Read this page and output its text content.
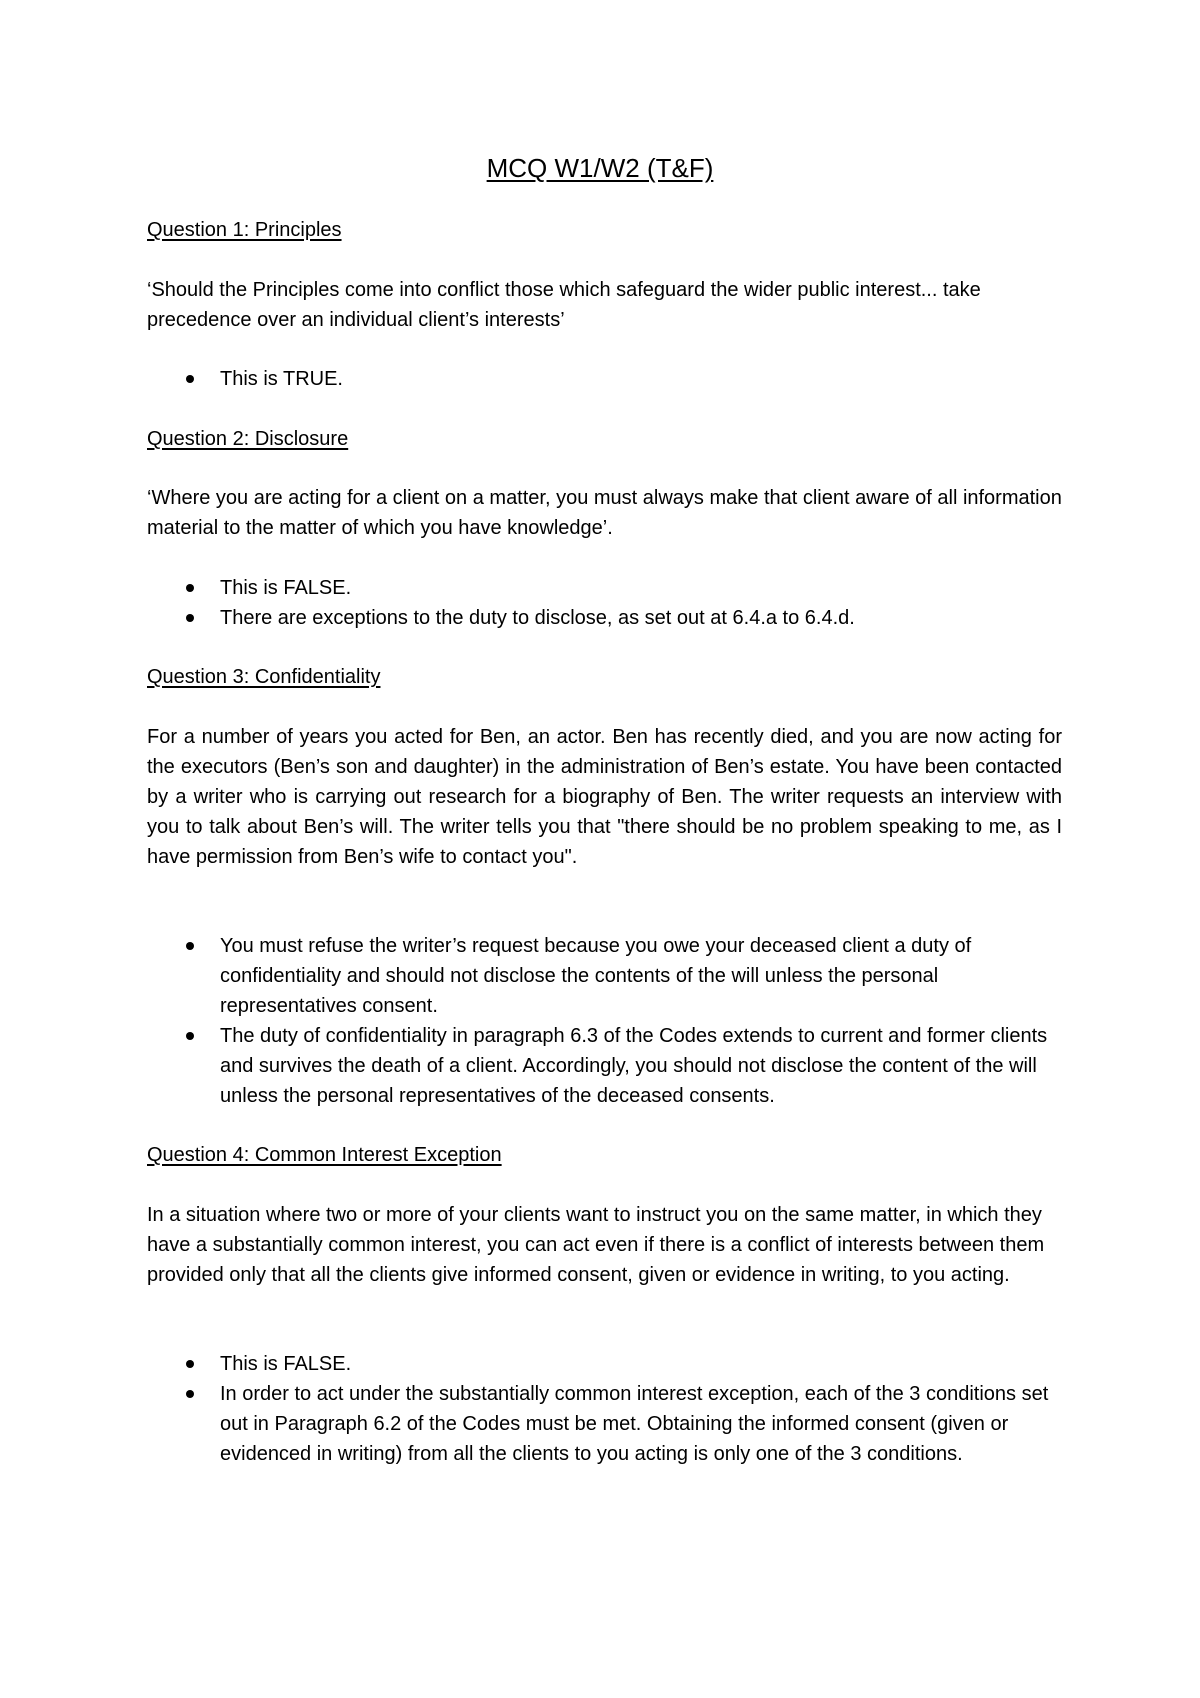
MCQ W1/W2 (T&F)
Question 1: Principles
‘Should the Principles come into conflict those which safeguard the wider public interest... take precedence over an individual client’s interests’
This is TRUE.
Question 2: Disclosure
‘Where you are acting for a client on a matter, you must always make that client aware of all information material to the matter of which you have knowledge’.
This is FALSE.
There are exceptions to the duty to disclose, as set out at 6.4.a to 6.4.d.
Question 3: Confidentiality
For a number of years you acted for Ben, an actor. Ben has recently died, and you are now acting for the executors (Ben’s son and daughter) in the administration of Ben’s estate. You have been contacted by a writer who is carrying out research for a biography of Ben. The writer requests an interview with you to talk about Ben’s will. The writer tells you that "there should be no problem speaking to me, as I have permission from Ben’s wife to contact you".
You must refuse the writer’s request because you owe your deceased client a duty of confidentiality and should not disclose the contents of the will unless the personal representatives consent.
The duty of confidentiality in paragraph 6.3 of the Codes extends to current and former clients and survives the death of a client. Accordingly, you should not disclose the content of the will unless the personal representatives of the deceased consents.
Question 4: Common Interest Exception
In a situation where two or more of your clients want to instruct you on the same matter, in which they have a substantially common interest, you can act even if there is a conflict of interests between them provided only that all the clients give informed consent, given or evidence in writing, to you acting.
This is FALSE.
In order to act under the substantially common interest exception, each of the 3 conditions set out in Paragraph 6.2 of the Codes must be met. Obtaining the informed consent (given or evidenced in writing) from all the clients to you acting is only one of the 3 conditions.
